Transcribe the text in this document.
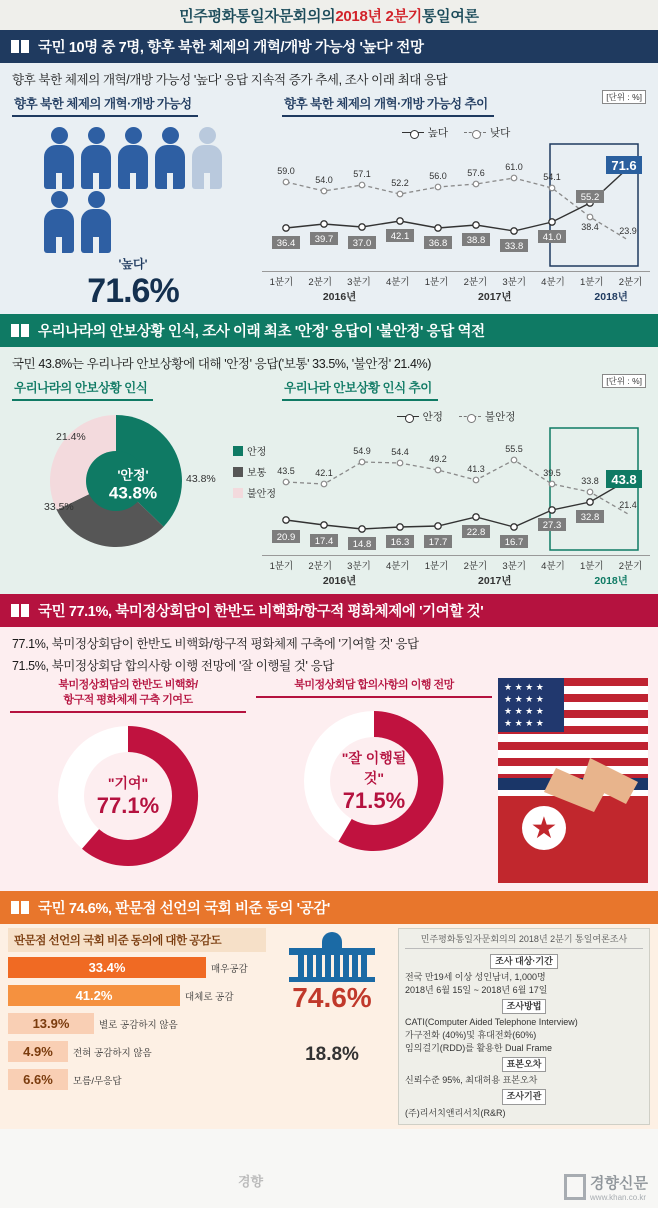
민주평화통일자문회의의 2018년 2분기 통일여론
국민 10명 중 7명, 향후 북한 체제의 개혁/개방 가능성 '높다' 전망
향후 북한 체제의 개혁/개방 가능성 '높다' 응답 지속적 증가 추세, 조사 이래 최대 응답
향후 북한 체제의 개혁·개방 가능성
'높다'
71.6%
향후 북한 체제의 개혁·개방 가능성 추이
높다	낮다
[단위 : %]
59.0
54.0
57.1
52.2
56.0 57.6
61.0
54.1
38.4 23.9
36.4 39.7 37.0
42.1
36.8 38.8
33.8
41.0
55.2
71.6
1분기	2분기	3분기	4분기	1분기	2분기	3분기	4분기	1분기	2분기
2016년	2017년	2018년
우리나라의 안보상황 인식, 조사 이래 최초 '안정' 응답이 '불안정' 응답 역전
국민 43.8%는 우리나라 안보상황에 대해 '안정' 응답('보통' 33.5%, '불안정' 21.4%)
우리나라의 안보상황 인식
'안정'
43.8%
21.4%
33.5%
43.8%
안정
보통
불안정
우리나라 안보상황 인식 추이
안정	불안정
[단위 : %]
43.5 42.1
54.9 54.4
49.2
41.3
55.5
39.5
33.8
21.4
20.9 17.4 14.8 16.3 17.7
22.8
16.7
27.3
32.8
43.8
1분기	2분기	3분기	4분기	1분기	2분기	3분기	4분기	1분기	2분기
2016년	2017년	2018년
국민 77.1%, 북미정상회담이 한반도 비핵화/항구적 평화체제에 '기여할 것'
77.1%, 북미정상회담이 한반도 비핵화/항구적 평화체제 구축에 '기여할 것' 응답
71.5%, 북미정상회담 합의사항 이행 전망에 '잘 이행될 것' 응답
북미정상회담의 한반도 비핵화/
항구적 평화체제 구축 기여도
"기여"
77.1%
북미정상회담 합의사항의 이행 전망
"잘 이행될 것"
71.5%
★ ★ ★ ★
★ ★ ★ ★
★ ★ ★ ★
★ ★ ★ ★
★
국민 74.6%, 판문점 선언의 국회 비준 동의 '공감'
판문점 선언의 국회 비준 동의에 대한 공감도
33.4%	매우공감
41.2%	대체로 공감
13.9%	별로 공감하지 않음
4.9%	전혀 공감하지 않음
6.6%	모름/무응답
74.6%
18.8%
민주평화통일자문회의의 2018년 2분기 통일여론조사
조사 대상·기간
전국 만19세 이상 성인남녀, 1,000명
2018년 6월 15일 ~ 2018년 6월 17일
조사방법
CATI(Computer Aided Telephone Interview)
가구전화 (40%)및 휴대전화(60%)
임의걸기(RDD)를 활용한 Dual Frame
표본오차
신뢰수준 95%, 최대허용 표본오차
조사기관
(주)리서치앤리서치(R&R)
경향	경향신문
www.khan.co.kr
